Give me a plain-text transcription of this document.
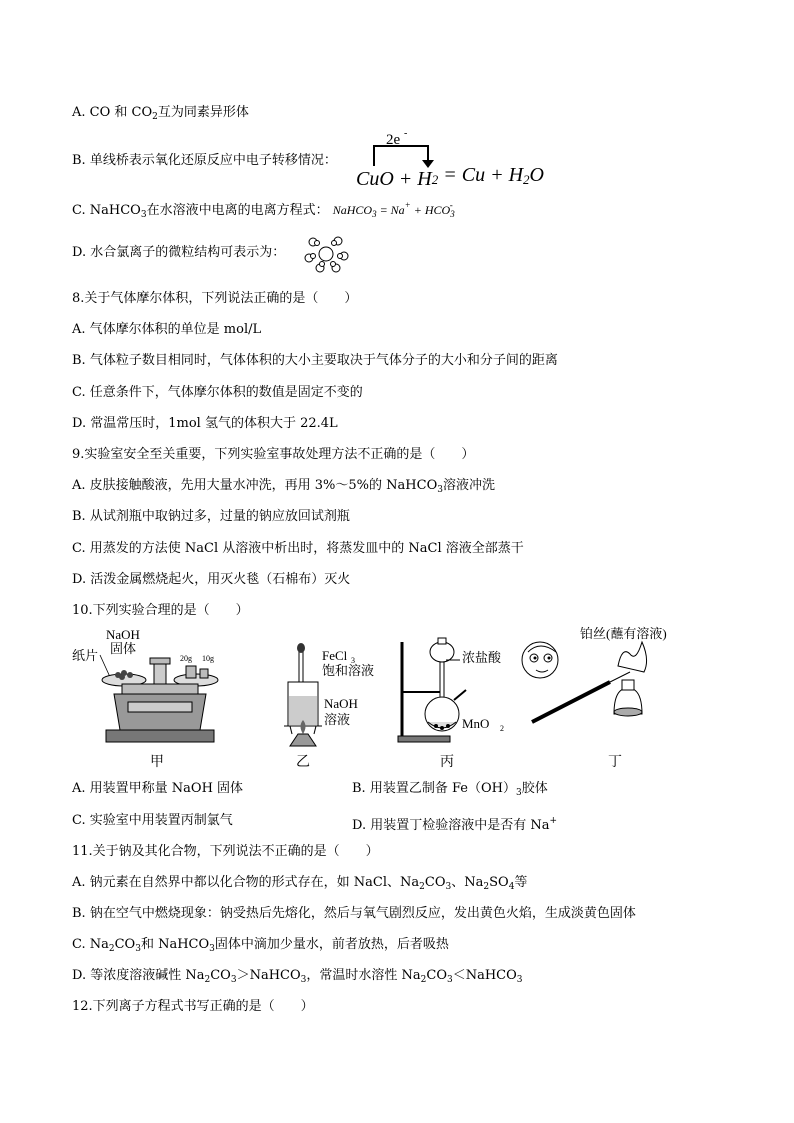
A. CO 和 $CO_2$互为同素异形体
B. 单线桥表示氧化还原反应中电子转移情况：
2e -
CuO + H $_2 = Cu + H_2O$
C. NaHCO$_3$在水溶液中电离的电离方程式： NaHCO$_3$ = $Na^+ + HCO_3^-$
D. 水合氯离子的微粒结构可表示为：
8.关于气体摩尔体积，下列说法正确的是（　　）
A. 气体摩尔体积的单位是 mol/L
B. 气体粒子数目相同时，气体体积的大小主要取决于气体分子的大小和分子间的距离
C. 任意条件下，气体摩尔体积的数值是固定不变的
D. 常温常压时，1mol 氢气的体积大于 22.4L
9.实验室安全至关重要，下列实验室事故处理方法不正确的是（　　）
A. 皮肤接触酸液，先用大量水冲洗，再用 3%～5%的 NaHCO$_3$溶液冲洗
B. 从试剂瓶中取钠过多，过量的钠应放回试剂瓶
C. 用蒸发的方法使 NaCl 从溶液中析出时，将蒸发皿中的 NaCl 溶液全部蒸干
D. 活泼金属燃烧起火，用灭火毯（石棉布）灭火
10.下列实验合理的是（　　）
NaOH
固体
纸片	20g 10g
甲
FeCl 3
饱和溶液
NaOH
溶液
乙
浓盐酸
MnO 2
丙
铂丝(蘸有溶液)
丁
A. 用装置甲称量 NaOH 固体	B. 用装置乙制备 $Fe(OH)_3$胶体
C. 实验室中用装置丙制氯气	D. 用装置丁检验溶液中是否有 Na+
11.关于钠及其化合物，下列说法不正确的是（　　）
A. 钠元素在自然界中都以化合物的形式存在，如 NaCl、$Na_2CO_3$、$Na_2SO_4$等
B. 钠在空气中燃烧现象：钠受热后先熔化，然后与氧气剧烈反应，发出黄色火焰，生成淡黄色固体
C. $Na_2CO_3$和 NaHCO$_3$固体中滴加少量水，前者放热，后者吸热
D. 等浓度溶液碱性 $Na_2CO_3>NaHCO_3$，常温时水溶性 $Na_2CO_3<NaHCO_3$
12.下列离子方程式书写正确的是（　　）
